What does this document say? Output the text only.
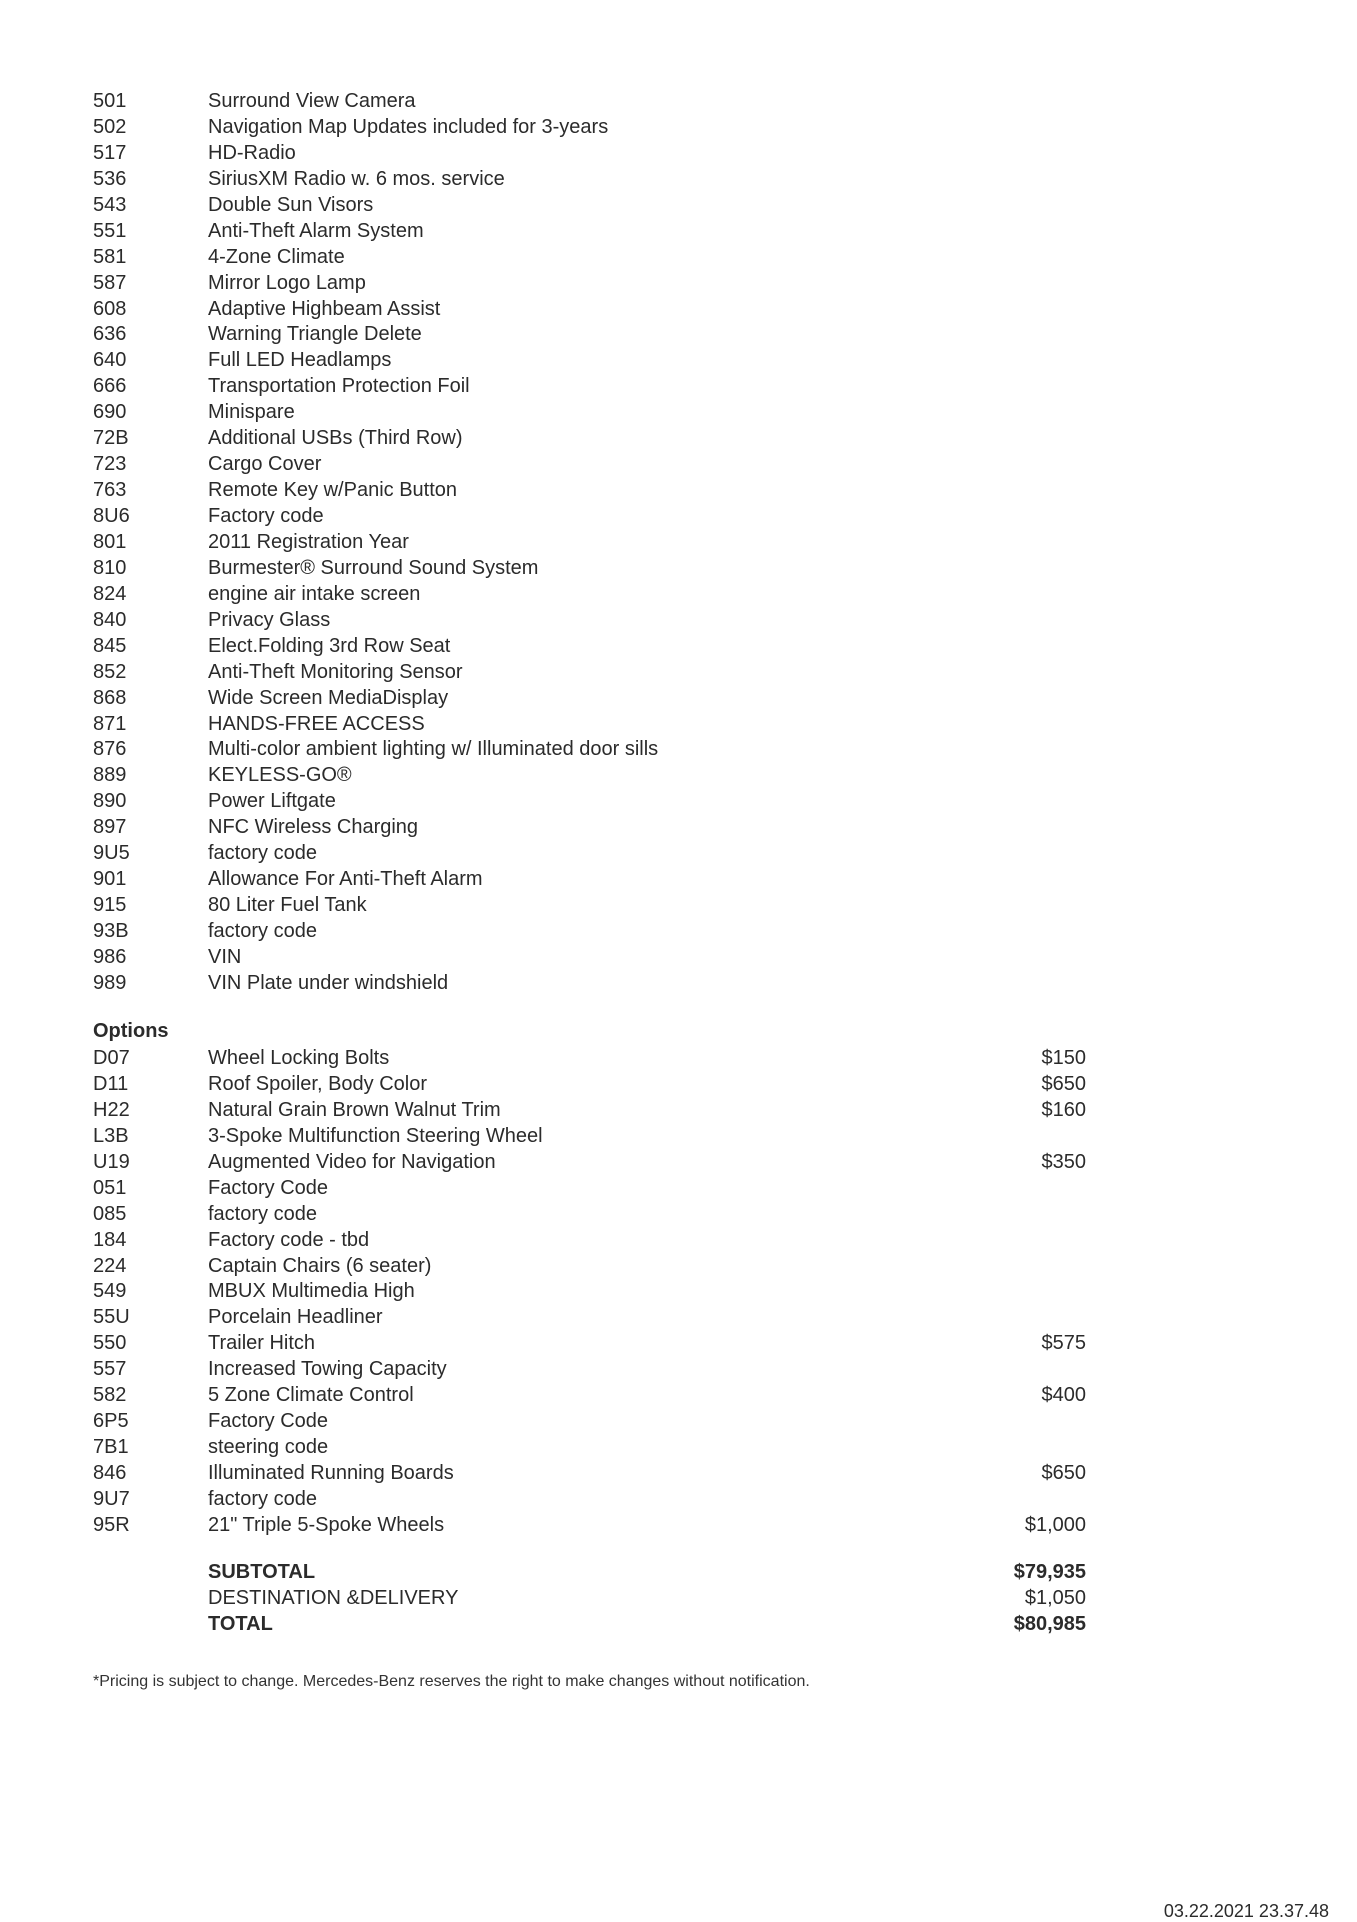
501	Surround View Camera
502	Navigation Map Updates included for 3-years
517	HD-Radio
536	SiriusXM Radio w. 6 mos. service
543	Double Sun Visors
551	Anti-Theft Alarm System
581	4-Zone Climate
587	Mirror Logo Lamp
608	Adaptive Highbeam Assist
636	Warning Triangle Delete
640	Full LED Headlamps
666	Transportation Protection Foil
690	Minispare
72B	Additional USBs (Third Row)
723	Cargo Cover
763	Remote Key w/Panic Button
8U6	Factory code
801	2011 Registration Year
810	Burmester® Surround Sound System
824	engine air intake screen
840	Privacy Glass
845	Elect.Folding 3rd Row Seat
852	Anti-Theft Monitoring Sensor
868	Wide Screen MediaDisplay
871	HANDS-FREE ACCESS
876	Multi-color ambient lighting w/ Illuminated door sills
889	KEYLESS-GO®
890	Power Liftgate
897	NFC Wireless Charging
9U5	factory code
901	Allowance For Anti-Theft Alarm
915	80 Liter Fuel Tank
93B	factory code
986	VIN
989	VIN Plate under windshield
Options
D07	Wheel Locking Bolts	$150
D11	Roof Spoiler, Body Color	$650
H22	Natural Grain Brown Walnut Trim	$160
L3B	3-Spoke Multifunction Steering Wheel
U19	Augmented Video for Navigation	$350
051	Factory Code
085	factory code
184	Factory code - tbd
224	Captain Chairs (6 seater)
549	MBUX Multimedia High
55U	Porcelain Headliner
550	Trailer Hitch	$575
557	Increased Towing Capacity
582	5 Zone Climate Control	$400
6P5	Factory Code
7B1	steering code
846	Illuminated Running Boards	$650
9U7	factory code
95R	21" Triple 5-Spoke Wheels	$1,000
SUBTOTAL	$79,935
DESTINATION &DELIVERY	$1,050
TOTAL	$80,985
*Pricing is subject to change. Mercedes-Benz reserves the right to make changes without notification.
03.22.2021 23.37.48
